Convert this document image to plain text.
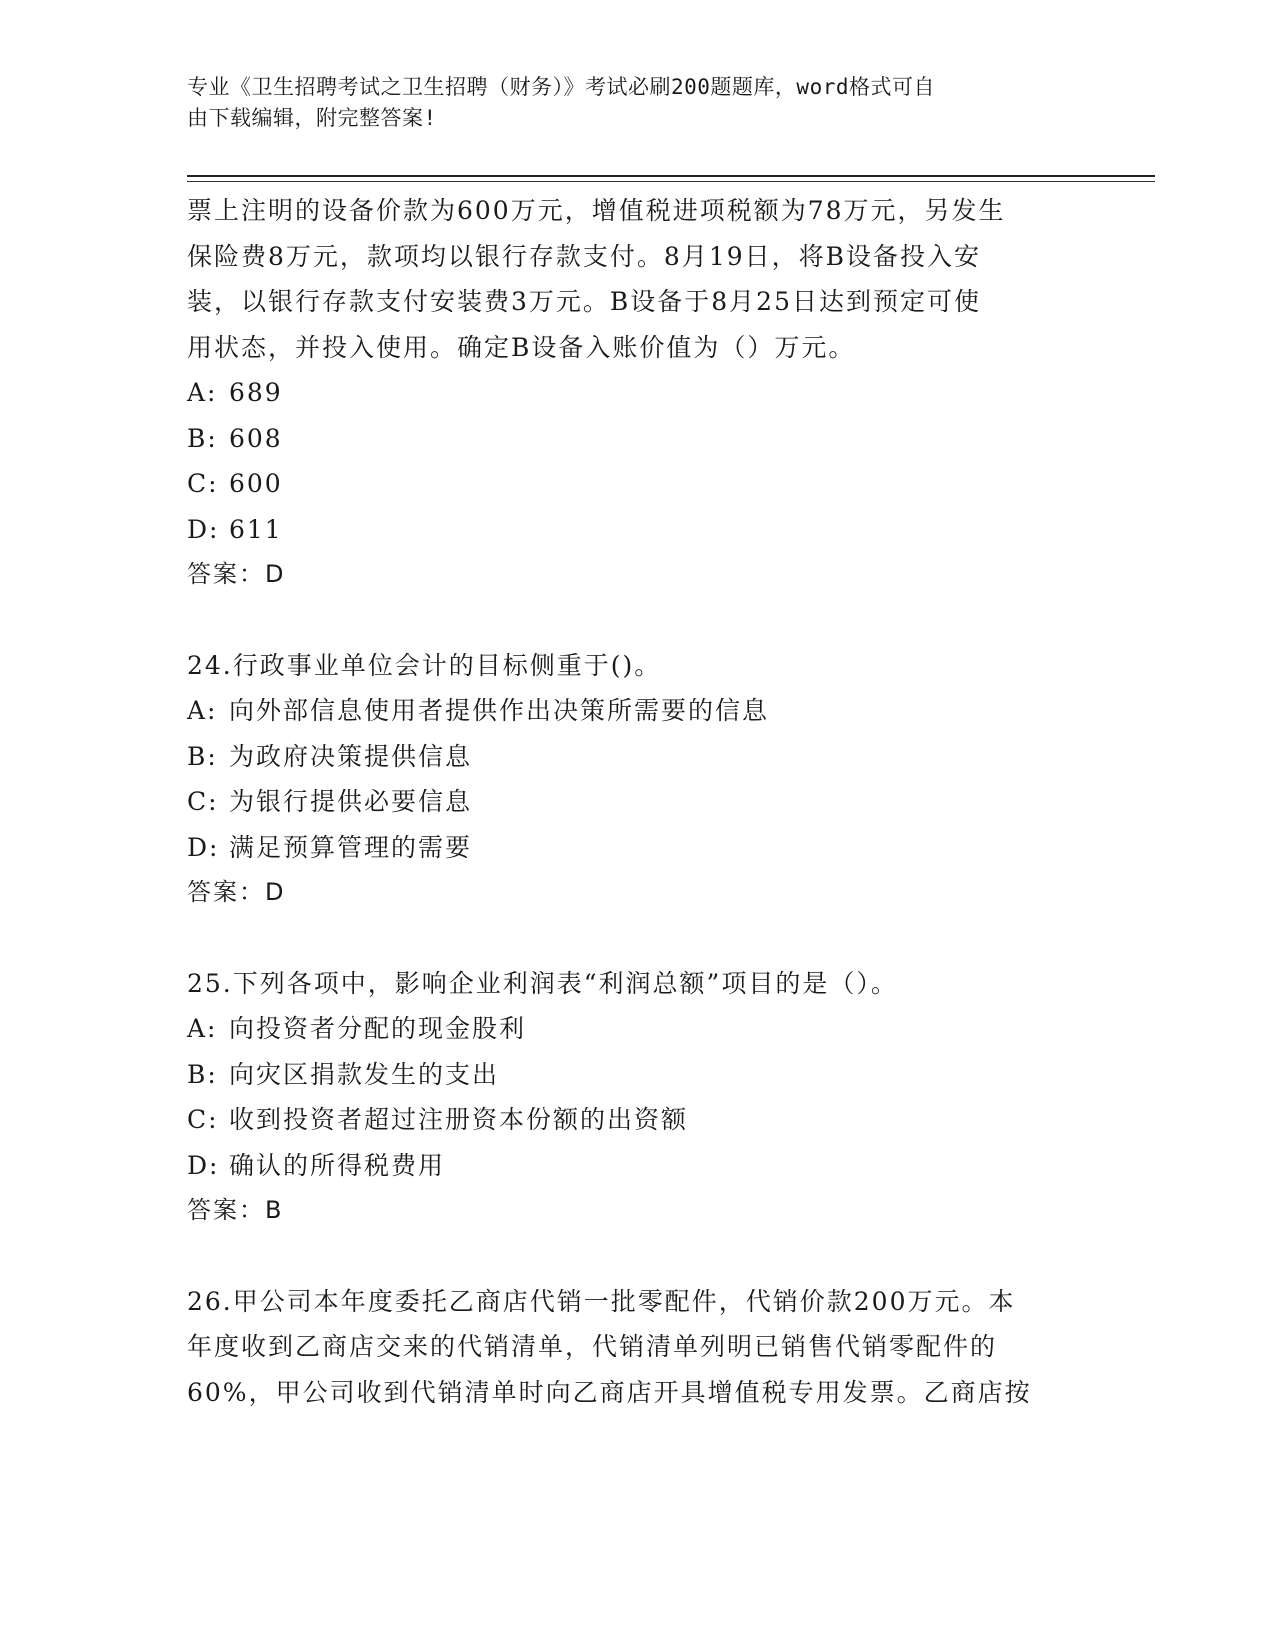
专业《卫生招聘考试之卫生招聘（财务）》考试必刷200题题库，word格式可自
由下载编辑，附完整答案!

票上注明的设备价款为600万元，增值税进项税额为78万元，另发生

保险费8万元，款项均以银行存款支付。8月19日，将B设备投入安

装，以银行存款支付安装费3万元。B设备于8月25日达到预定可使

用状态，并投入使用。确定B设备入账价值为（）万元。

A: 689
B: 608
C: 600
D: 611
答案：D

24.行政事业单位会计的目标侧重于()。

A: 向外部信息使用者提供作出决策所需要的信息
B: 为政府决策提供信息
C: 为银行提供必要信息
D: 满足预算管理的需要
答案：D

25.下列各项中，影响企业利润表“利润总额”项目的是（）。

A: 向投资者分配的现金股利
B: 向灾区捐款发生的支出
C: 收到投资者超过注册资本份额的出资额
D: 确认的所得税费用
答案：B

26.甲公司本年度委托乙商店代销一批零配件，代销价款200万元。本

年度收到乙商店交来的代销清单，代销清单列明已销售代销零配件的

60%，甲公司收到代销清单时向乙商店开具增值税专用发票。乙商店按
